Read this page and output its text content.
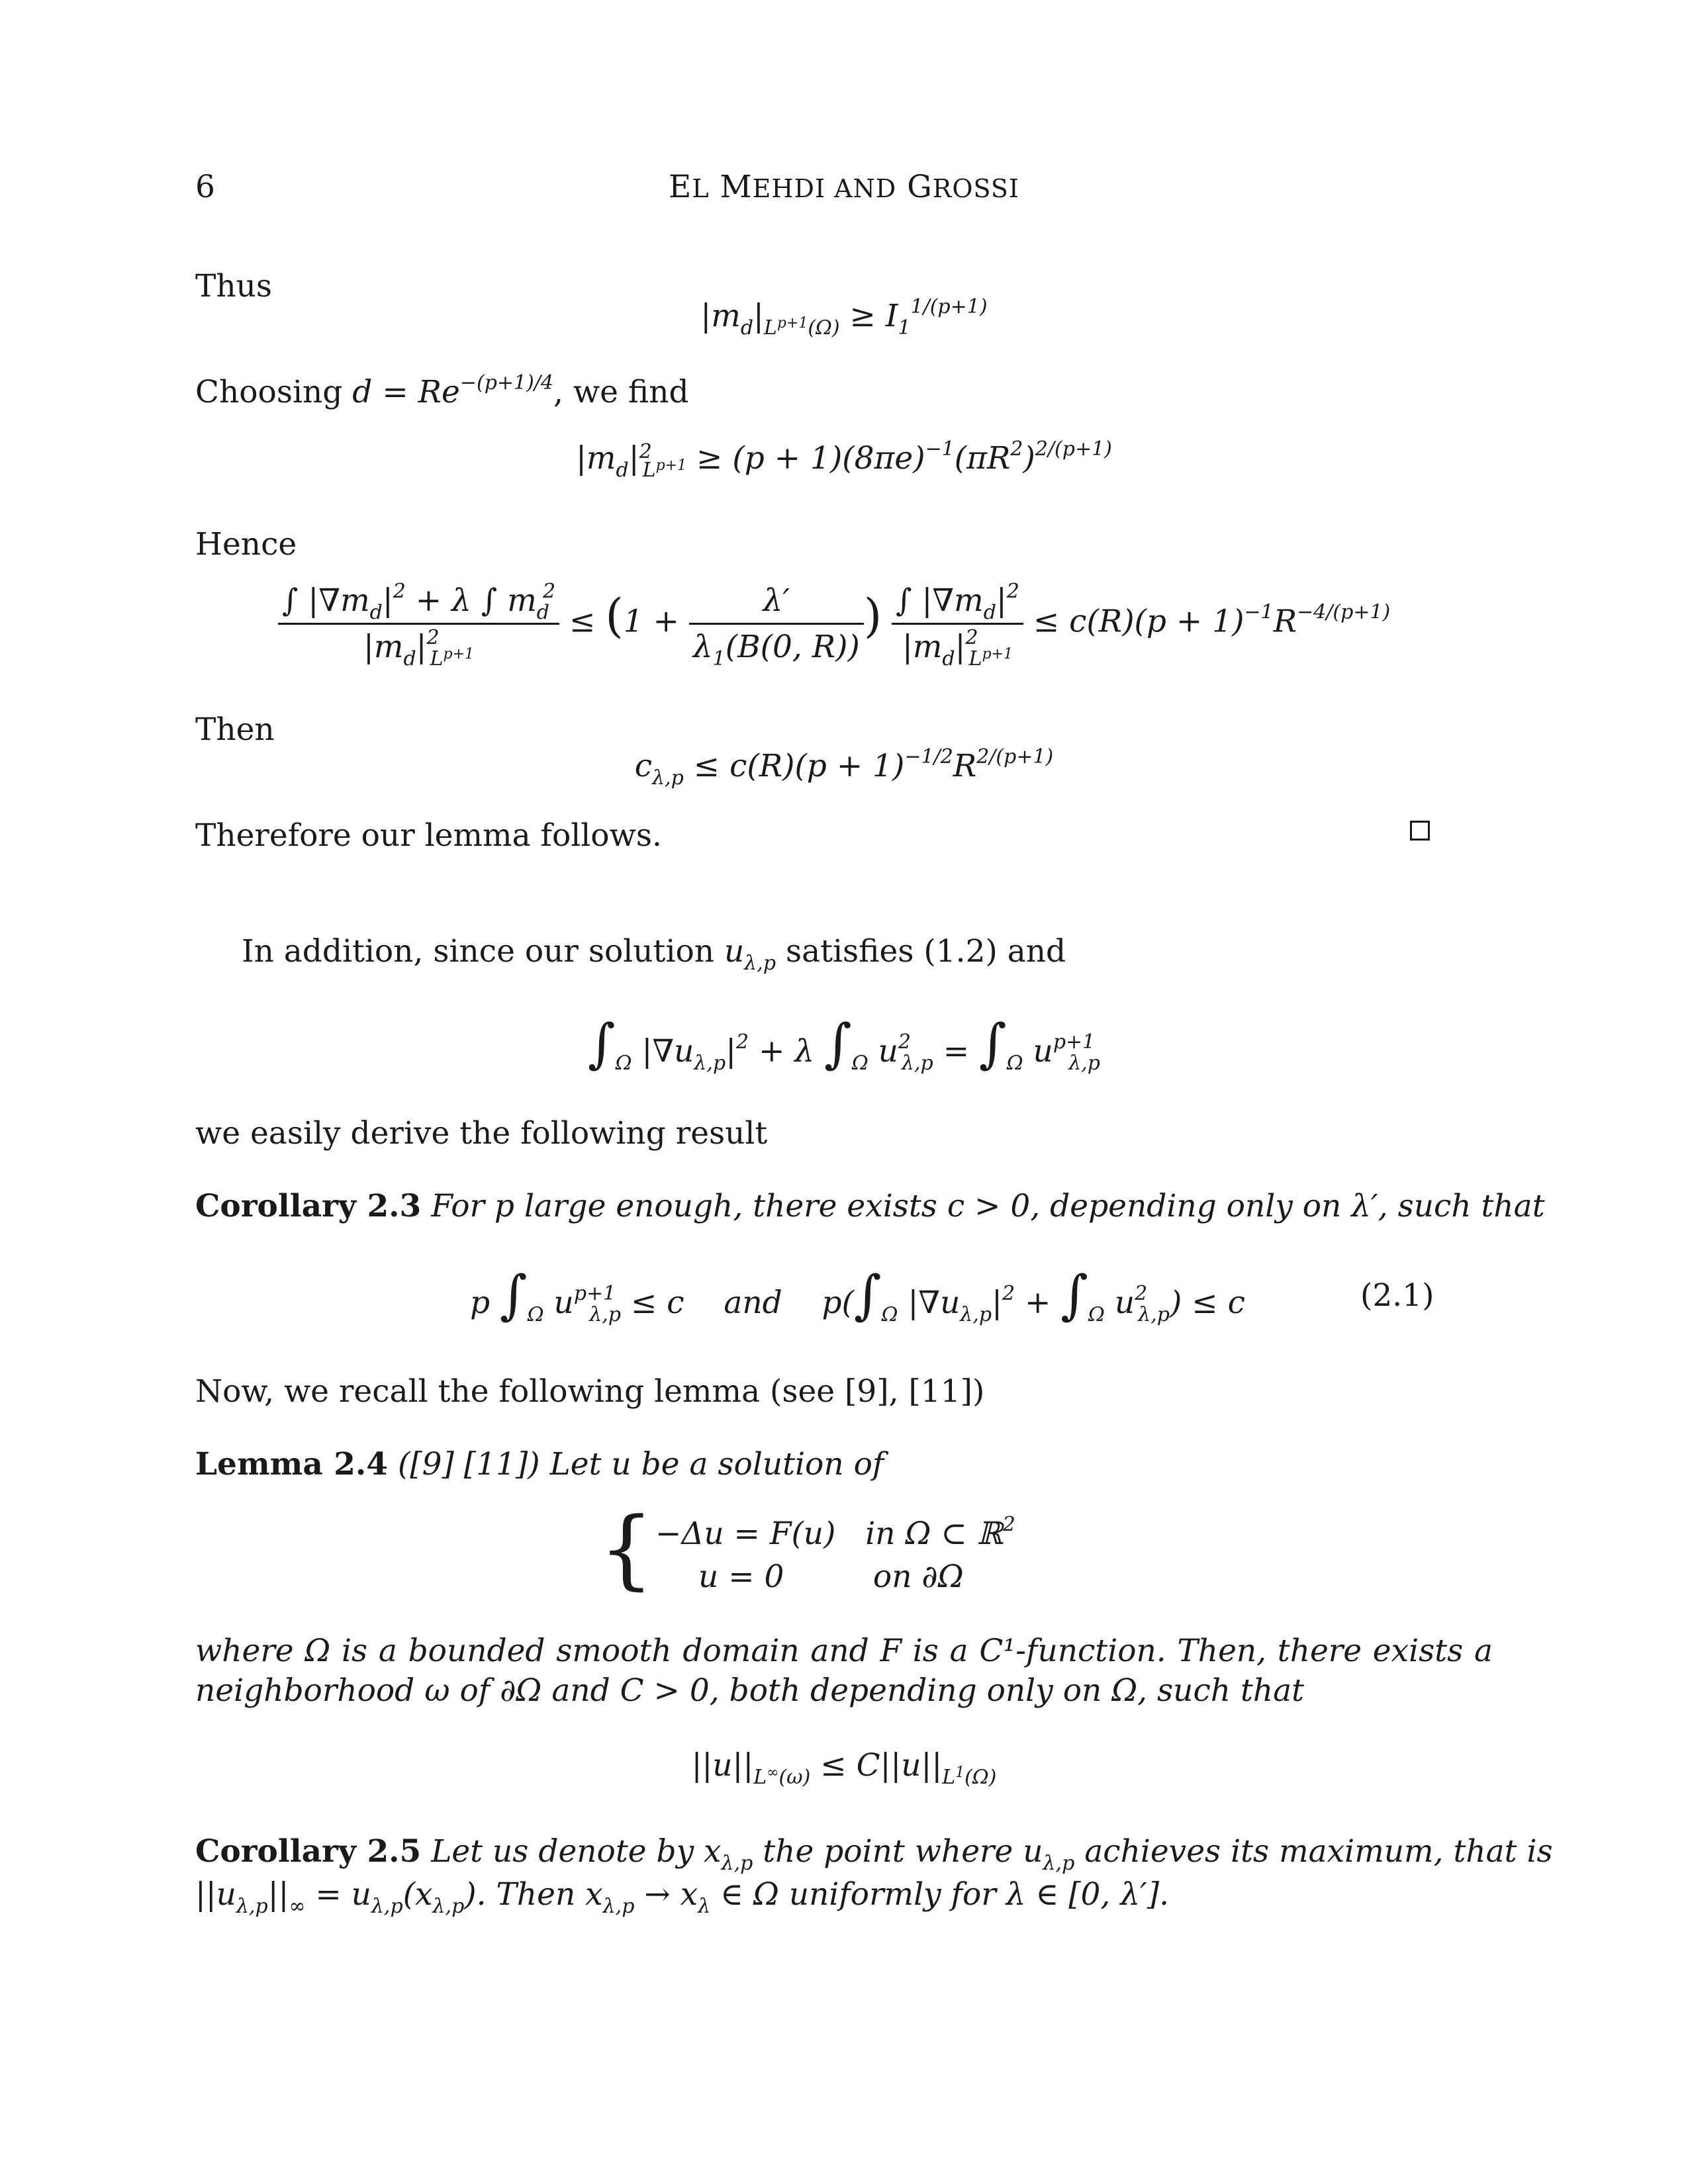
6	EL MEHDI AND GROSSI
Thus
$|m_d|_{L^{p+1}(\Omega)} \ge I_1^{1/(p+1)}$
Choosing $d = Re^{-(p+1)/4}$, we find
$|m_d|^2_{L^{p+1}} \ge (p + 1)(8\pi e)^{-1}(\pi R^2)^{2/(p+1)}$
Hence
$\frac{\int |\nabla m_d|^2 + \lambda \int m_d^2}{|m_d|^2_{L^{p+1}}} \le (1 + \frac{\lambda'}{\lambda_1(B(0, R))}$ ) $\frac{\int |\nabla m_d|^2}{|m_d|^2_{L^{p+1}}} \le c(R)(p + 1)^{-1}R^{-4/(p+1)}$
Then
$c_{\lambda,p} \le c(R)(p + 1)^{-1/2}R^{2/(p+1)}$
Therefore our lemma follows.
In addition, since our solution $u_{\lambda,p}$ satisfies (1.2) and
$\int_\Omega$ $|\nabla u_{\lambda,p}|^2 + \lambda$ $\int_\Omega$ $u^2_{\lambda,p} = \int_\Omega$ $u^{p+1}_{\lambda,p}$
we easily derive the following result
Corollary 2.3 For p large enough, there exists c > 0, depending only on λ′, such that
p $\int_\Omega$ $u^{p+1}_{\lambda,p} \le c$    and    $p(\int_\Omega$ $|\nabla u_{\lambda,p}|^2 + \int_\Omega$ $u^2_{\lambda,p}) \le c$	(2.1)
Now, we recall the following lemma (see [9], [11])
Lemma 2.4 ([9] [11]) Let u be a solution of
{ −Δu = F(u)   in Ω ⊂ ℝ$^2$
u = 0         on ∂Ω
where Ω is a bounded smooth domain and F is a C¹-function. Then, there exists a neighborhood ω of ∂Ω and C > 0, both depending only on Ω, such that
$||u||_{L^\infty(\omega)} \le C||u||_{L^1(\Omega)}$
Corollary 2.5 Let us denote by $x_{\lambda,p}$ the point where $u_{\lambda,p}$ achieves its maximum, that is
$||u_{\lambda,p}||_\infty = u_{\lambda,p}(x_{\lambda,p})$. Then $x_{\lambda,p} \to x_\lambda$ ∈ Ω uniformly for λ ∈ [0, λ′].
